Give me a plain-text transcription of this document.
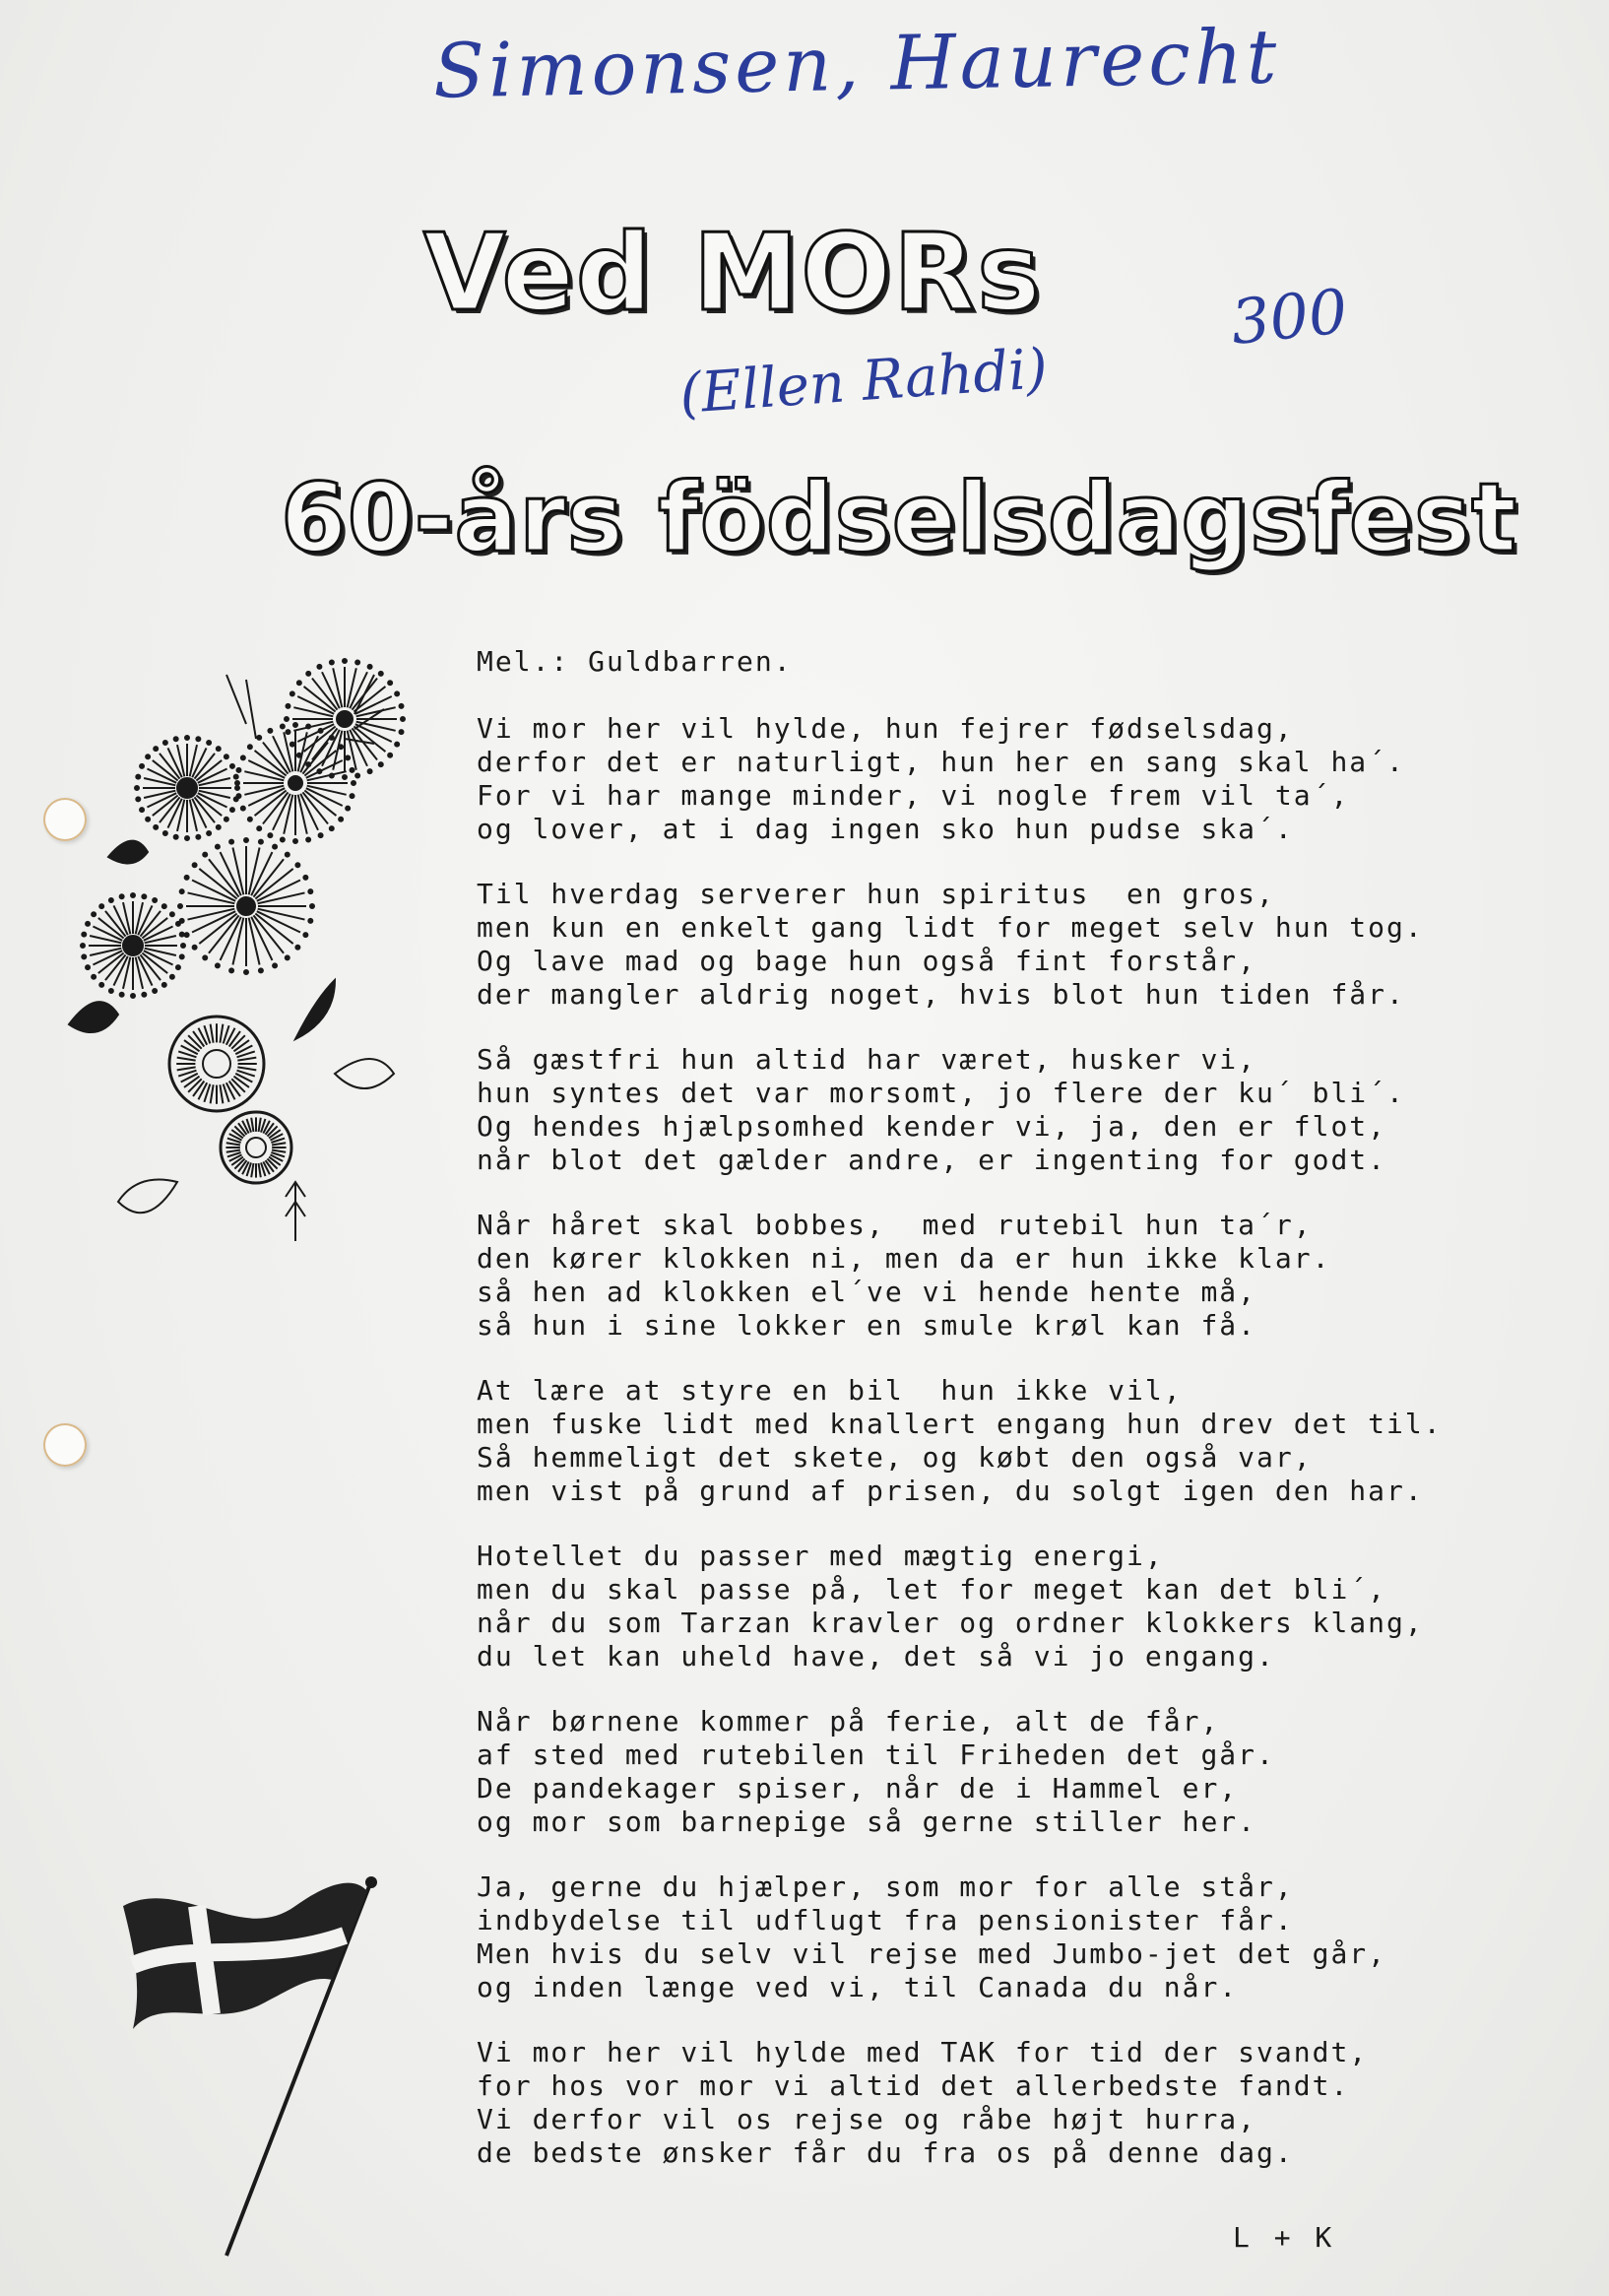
Simonsen, Haurecht
300
(Ellen Rahdi)
Ved MORs
60-års födselsdagsfest
Mel.: Guldbarren.
Vi mor her vil hylde, hun fejrer fødselsdag,
derfor det er naturligt, hun her en sang skal ha´.
For vi har mange minder, vi nogle frem vil ta´,
og lover, at i dag ingen sko hun pudse ska´.
Til hverdag serverer hun spiritus  en gros,
men kun en enkelt gang lidt for meget selv hun tog.
Og lave mad og bage hun også fint forstår,
der mangler aldrig noget, hvis blot hun tiden får.
Så gæstfri hun altid har været, husker vi,
hun syntes det var morsomt, jo flere der ku´ bli´.
Og hendes hjælpsomhed kender vi, ja, den er flot,
når blot det gælder andre, er ingenting for godt.
Når håret skal bobbes,  med rutebil hun ta´r,
den kører klokken ni, men da er hun ikke klar.
så hen ad klokken el´ve vi hende hente må,
så hun i sine lokker en smule krøl kan få.
At lære at styre en bil  hun ikke vil,
men fuske lidt med knallert engang hun drev det til.
Så hemmeligt det skete, og købt den også var,
men vist på grund af prisen, du solgt igen den har.
Hotellet du passer med mægtig energi,
men du skal passe på, let for meget kan det bli´,
når du som Tarzan kravler og ordner klokkers klang,
du let kan uheld have, det så vi jo engang.
Når børnene kommer på ferie, alt de får,
af sted med rutebilen til Friheden det går.
De pandekager spiser, når de i Hammel er,
og mor som barnepige så gerne stiller her.
Ja, gerne du hjælper, som mor for alle står,
indbydelse til udflugt fra pensionister får.
Men hvis du selv vil rejse med Jumbo-jet det går,
og inden længe ved vi, til Canada du når.
Vi mor her vil hylde med TAK for tid der svandt,
for hos vor mor vi altid det allerbedste fandt.
Vi derfor vil os rejse og råbe højt hurra,
de bedste ønsker får du fra os på denne dag.
L + K
